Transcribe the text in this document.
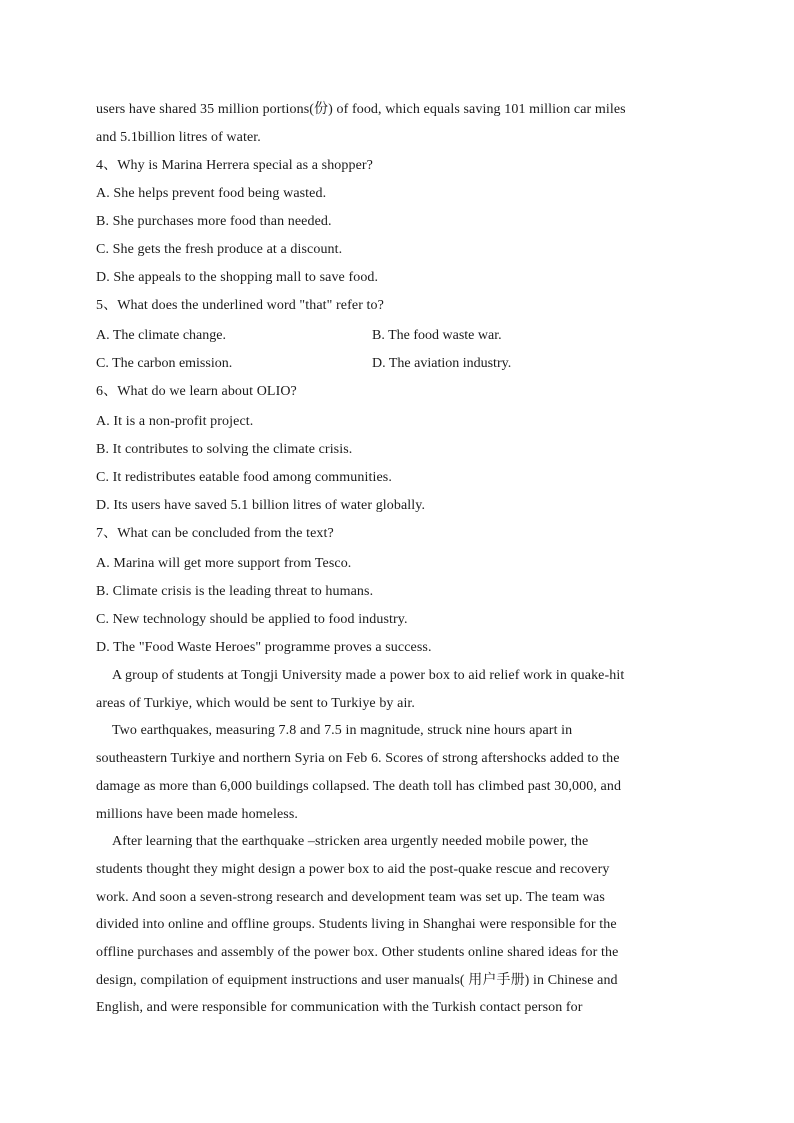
users have shared 35 million portions(份) of food, which equals saving 101 million car miles
and 5.1billion litres of water.
4、Why is Marina Herrera special as a shopper?
A. She helps prevent food being wasted.
B. She purchases more food than needed.
C. She gets the fresh produce at a discount.
D. She appeals to the shopping mall to save food.
5、What does the underlined word "that" refer to?
A. The climate change.	B. The food waste war.
C. The carbon emission.	D. The aviation industry.
6、What do we learn about OLIO?
A. It is a non-profit project.
B. It contributes to solving the climate crisis.
C. It redistributes eatable food among communities.
D. Its users have saved 5.1 billion litres of water globally.
7、What can be concluded from the text?
A. Marina will get more support from Tesco.
B. Climate crisis is the leading threat to humans.
C. New technology should be applied to food industry.
D. The "Food Waste Heroes" programme proves a success.
A group of students at Tongji University made a power box to aid relief work in quake-hit
areas of Turkiye, which would be sent to Turkiye by air.
Two earthquakes, measuring 7.8 and 7.5 in magnitude, struck nine hours apart in
southeastern Turkiye and northern Syria on Feb 6. Scores of strong aftershocks added to the
damage as more than 6,000 buildings collapsed. The death toll has climbed past 30,000, and
millions have been made homeless.
After learning that the earthquake –stricken area urgently needed mobile power, the
students thought they might design a power box to aid the post-quake rescue and recovery
work. And soon a seven-strong research and development team was set up. The team was
divided into online and offline groups. Students living in Shanghai were responsible for the
offline purchases and assembly of the power box. Other students online shared ideas for the
design, compilation of equipment instructions and user manuals( 用户手册) in Chinese and
English, and were responsible for communication with the Turkish contact person for
